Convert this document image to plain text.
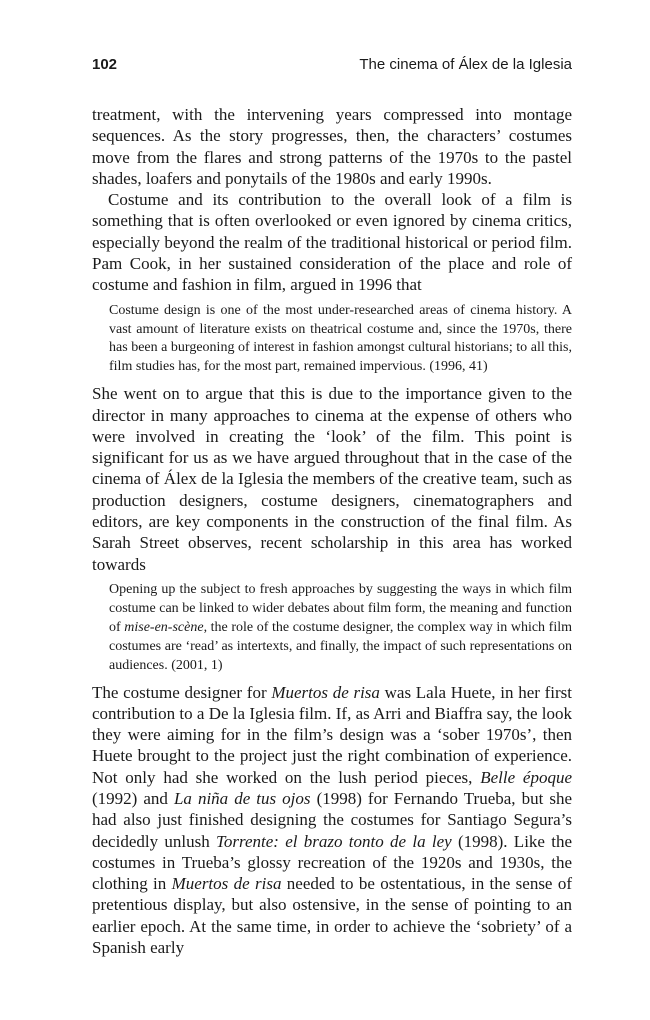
102	The cinema of Álex de la Iglesia

treatment, with the intervening years compressed into montage sequences. As the story progresses, then, the characters’ costumes move from the flares and strong patterns of the 1970s to the pastel shades, loafers and ponytails of the 1980s and early 1990s.

Costume and its contribution to the overall look of a film is something that is often overlooked or even ignored by cinema critics, especially beyond the realm of the traditional historical or period film. Pam Cook, in her sustained consideration of the place and role of costume and fashion in film, argued in 1996 that

Costume design is one of the most under-researched areas of cinema history. A vast amount of literature exists on theatrical costume and, since the 1970s, there has been a burgeoning of interest in fashion amongst cultural historians; to all this, film studies has, for the most part, remained impervious. (1996, 41)

She went on to argue that this is due to the importance given to the director in many approaches to cinema at the expense of others who were involved in creating the ‘look’ of the film. This point is significant for us as we have argued throughout that in the case of the cinema of Álex de la Iglesia the members of the creative team, such as production designers, costume designers, cinematographers and editors, are key components in the construction of the final film. As Sarah Street observes, recent scholarship in this area has worked towards

Opening up the subject to fresh approaches by suggesting the ways in which film costume can be linked to wider debates about film form, the meaning and function of mise-en-scène, the role of the costume designer, the complex way in which film costumes are ‘read’ as intertexts, and finally, the impact of such representations on audiences. (2001, 1)

The costume designer for Muertos de risa was Lala Huete, in her first contribution to a De la Iglesia film. If, as Arri and Biaffra say, the look they were aiming for in the film’s design was a ‘sober 1970s’, then Huete brought to the project just the right combination of experience. Not only had she worked on the lush period pieces, Belle époque (1992) and La niña de tus ojos (1998) for Fernando Trueba, but she had also just finished designing the costumes for Santiago Segura’s decidedly unlush Torrente: el brazo tonto de la ley (1998). Like the costumes in Trueba’s glossy recreation of the 1920s and 1930s, the clothing in Muertos de risa needed to be ostentatious, in the sense of pretentious display, but also ostensive, in the sense of pointing to an earlier epoch. At the same time, in order to achieve the ‘sobriety’ of a Spanish early
